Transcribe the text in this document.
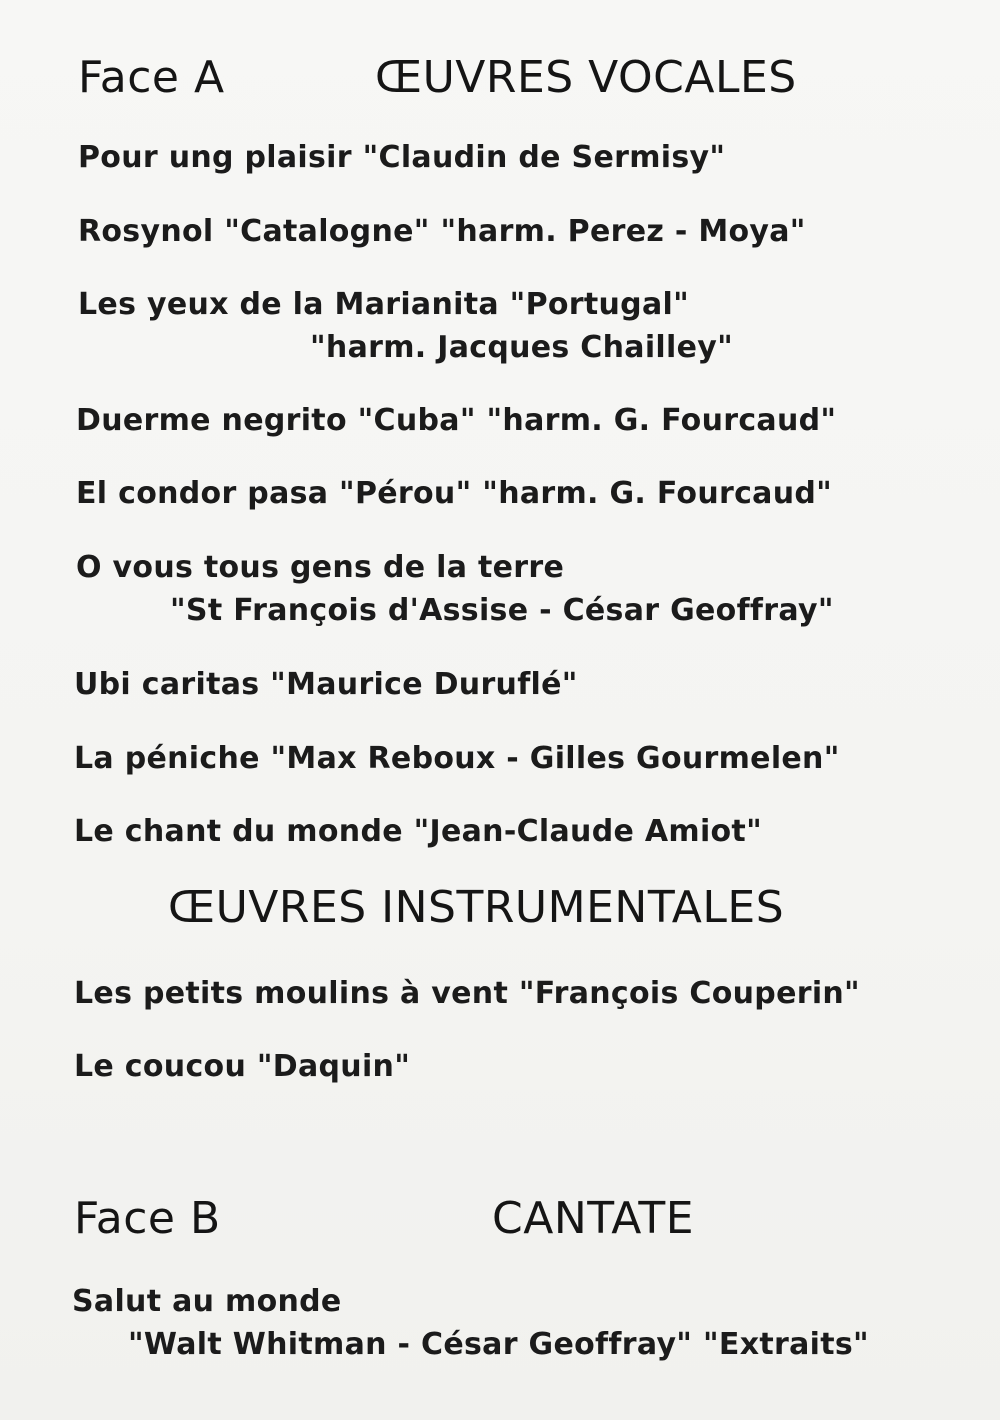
Face A	ŒUVRES VOCALES
Pour ung plaisir "Claudin de Sermisy"
Rosynol "Catalogne" "harm. Perez - Moya"
Les yeux de la Marianita "Portugal"
"harm. Jacques Chailley"
Duerme negrito "Cuba" "harm. G. Fourcaud"
El condor pasa "Pérou" "harm. G. Fourcaud"
O vous tous gens de la terre
"St François d'Assise - César Geoffray"
Ubi caritas "Maurice Duruflé"
La péniche "Max Reboux - Gilles Gourmelen"
Le chant du monde "Jean-Claude Amiot"
ŒUVRES INSTRUMENTALES
Les petits moulins à vent "François Couperin"
Le coucou "Daquin"
Face B	CANTATE
Salut au monde
"Walt Whitman - César Geoffray" "Extraits"
